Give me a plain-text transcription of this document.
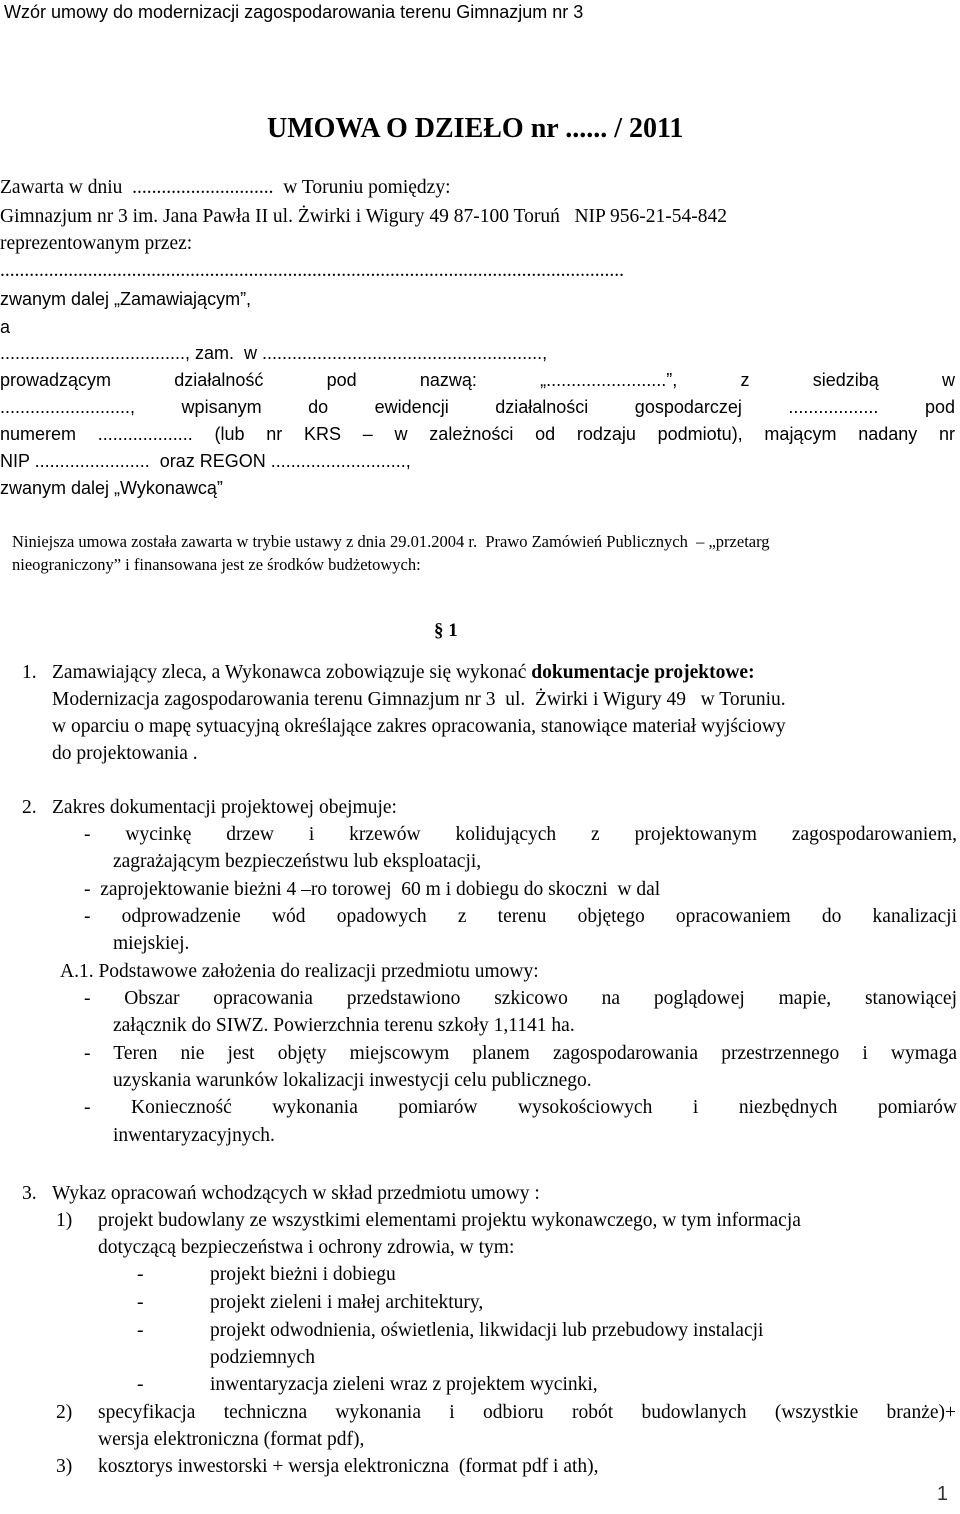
Wzór umowy do modernizacji zagospodarowania terenu Gimnazjum nr 3
UMOWA O DZIEŁO nr ...... / 2011
Zawarta w dniu  .............................  w Toruniu pomiędzy:
Gimnazjum nr 3 im. Jana Pawła II ul. Żwirki i Wigury 49 87-100 Toruń   NIP 956-21-54-842
reprezentowanym przez:
................................................................................................................................
zwanym dalej „Zamawiającym”,
a
....................................., zam.  w ........................................................,
prowadzącym działalność pod nazwą: „........................”, z siedzibą w
.........................., wpisanym do ewidencji działalności gospodarczej .................. pod
numerem ................... (lub nr KRS – w zależności od rodzaju podmiotu), mającym nadany nr
NIP .......................  oraz REGON ...........................,
zwanym dalej „Wykonawcą”
Niniejsza umowa została zawarta w trybie ustawy z dnia 29.01.2004 r.  Prawo Zamówień Publicznych  – „przetarg
nieograniczony” i finansowana jest ze środków budżetowych:
§ 1
1. Zamawiający zleca, a Wykonawca zobowiązuje się wykonać dokumentacje projektowe:
Modernizacja zagospodarowania terenu Gimnazjum nr 3  ul.  Żwirki i Wigury 49   w Toruniu.
w oparciu o mapę sytuacyjną określające zakres opracowania, stanowiące materiał wyjściowy
do projektowania .
2. Zakres dokumentacji projektowej obejmuje:
- wycinkę drzew i krzewów kolidujących z projektowanym zagospodarowaniem,
zagrażającym bezpieczeństwu lub eksploatacji,
-  zaprojektowanie bieżni 4 –ro torowej  60 m i dobiegu do skoczni  w dal
- odprowadzenie wód opadowych z terenu objętego opracowaniem do kanalizacji
miejskiej.
A.1. Podstawowe założenia do realizacji przedmiotu umowy:
- Obszar opracowania przedstawiono szkicowo na poglądowej mapie, stanowiącej
załącznik do SIWZ. Powierzchnia terenu szkoły 1,1141 ha.
- Teren nie jest objęty miejscowym planem zagospodarowania przestrzennego i wymaga
uzyskania warunków lokalizacji inwestycji celu publicznego.
- Konieczność wykonania pomiarów wysokościowych i niezbędnych pomiarów
inwentaryzacyjnych.
3. Wykaz opracowań wchodzących w skład przedmiotu umowy :
1) projekt budowlany ze wszystkimi elementami projektu wykonawczego, w tym informacja
dotyczącą bezpieczeństwa i ochrony zdrowia, w tym:
-	projekt bieżni i dobiegu
-	projekt zieleni i małej architektury,
-	projekt odwodnienia, oświetlenia, likwidacji lub przebudowy instalacji
podziemnych
-	inwentaryzacja zieleni wraz z projektem wycinki,
2) specyfikacja techniczna wykonania i odbioru robót budowlanych (wszystkie branże)+
wersja elektroniczna (format pdf),
3) kosztorys inwestorski + wersja elektroniczna  (format pdf i ath),
1
